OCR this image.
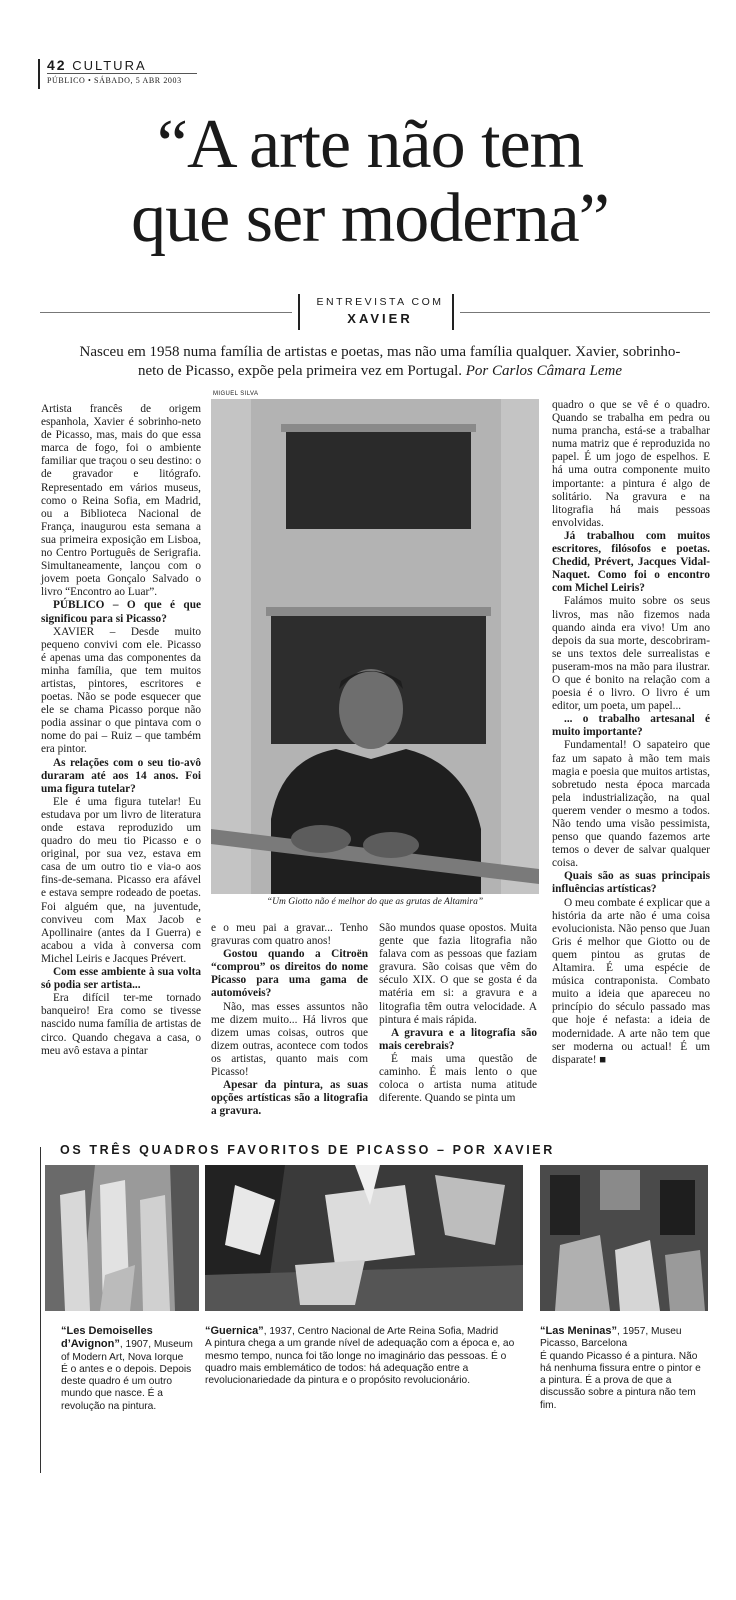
42 CULTURA
PÚBLICO • SÁBADO, 5 ABR 2003
“A arte não tem
que ser moderna”
ENTREVISTA COM
XAVIER
Nasceu em 1958 numa família de artistas e poetas, mas não uma família qualquer. Xavier, sobrinho-neto de Picasso, expõe pela primeira vez em Portugal. Por Carlos Câmara Leme

Artista francês de origem espanhola, Xavier é sobrinho-neto de Picasso, mas, mais do que essa marca de fogo, foi o ambiente familiar que traçou o seu destino: o de gravador e litógrafo. Representado em vários museus, como o Reina Sofia, em Madrid, ou a Biblioteca Nacional de França, inaugurou esta semana a sua primeira exposição em Lisboa, no Centro Português de Serigrafia. Simultaneamente, lançou com o jovem poeta Gonçalo Salvado o livro “Encontro ao Luar”.

PÚBLICO – O que é que significou para si Picasso?

XAVIER – Desde muito pequeno convivi com ele. Picasso é apenas uma das componentes da minha família, que tem muitos artistas, pintores, escritores e poetas. Não se pode esquecer que ele se chama Picasso porque não podia assinar o que pintava com o nome do pai – Ruiz – que também era pintor.

As relações com o seu tio-avô duraram até aos 14 anos. Foi uma figura tutelar?

Ele é uma figura tutelar! Eu estudava por um livro de literatura onde estava reproduzido um quadro do meu tio Picasso e o original, por sua vez, estava em casa de um outro tio e via-o aos fins-de-semana. Picasso era afável e estava sempre rodeado de poetas. Foi alguém que, na juventude, conviveu com Max Jacob e Apollinaire (antes da I Guerra) e acabou a vida à conversa com Michel Leiris e Jacques Prévert.

Com esse ambiente à sua volta só podia ser artista...

Era difícil ter-me tornado banqueiro! Era como se tivesse nascido numa família de artistas de circo. Quando chegava a casa, o meu avô estava a pintar

MIGUEL SILVA
“Um Giotto não é melhor do que as grutas de Altamira”

e o meu pai a gravar... Tenho gravuras com quatro anos!

Gostou quando a Citroën “comprou” os direitos do nome Picasso para uma gama de automóveis?

Não, mas esses assuntos não me dizem muito... Há livros que dizem umas coisas, outros que dizem outras, acontece com todos os artistas, quanto mais com Picasso!

Apesar da pintura, as suas opções artísticas são a litografia a gravura.

São mundos quase opostos. Muita gente que fazia litografia não falava com as pessoas que faziam gravura. São coisas que vêm do século XIX. O que se gosta é da matéria em si: a gravura e a litografia têm outra velocidade. A pintura é mais rápida.

A gravura e a litografia são mais cerebrais?

É mais uma questão de caminho. É mais lento o que coloca o artista numa atitude diferente. Quando se pinta um

quadro o que se vê é o quadro. Quando se trabalha em pedra ou numa prancha, está-se a trabalhar numa matriz que é reproduzida no papel. É um jogo de espelhos. E há uma outra componente muito importante: a pintura é algo de solitário. Na gravura e na litografia há mais pessoas envolvidas.

Já trabalhou com muitos escritores, filósofos e poetas. Chedid, Prévert, Jacques Vidal-Naquet. Como foi o encontro com Michel Leiris?

Falámos muito sobre os seus livros, mas não fizemos nada quando ainda era vivo! Um ano depois da sua morte, descobriram-se uns textos dele surrealistas e puseram-mos na mão para ilustrar. O que é bonito na relação com a poesia é o livro. O livro é um editor, um poeta, um papel...

... o trabalho artesanal é muito importante?

Fundamental! O sapateiro que faz um sapato à mão tem mais magia e poesia que muitos artistas, sobretudo nesta época marcada pela industrialização, na qual querem vender o mesmo a todos. Não tendo uma visão pessimista, penso que quando fazemos arte temos o dever de salvar qualquer coisa.

Quais são as suas principais influências artísticas?

O meu combate é explicar que a história da arte não é uma coisa evolucionista. Não penso que Juan Gris é melhor que Giotto ou de quem pintou as grutas de Altamira. É uma espécie de música contraponista. Combato muito a ideia que apareceu no princípio do século passado mas que hoje é nefasta: a ideia de modernidade. A arte não tem que ser moderna ou actual! É um disparate! ■

OS TRÊS QUADROS FAVORITOS DE PICASSO – POR XAVIER
“Les Demoiselles d’Avignon”, 1907, Museum of Modern Art, Nova Iorque
É o antes e o depois. Depois deste quadro é um outro mundo que nasce. É a revolução na pintura.
“Guernica”, 1937, Centro Nacional de Arte Reina Sofia, Madrid
A pintura chega a um grande nível de adequação com a época e, ao mesmo tempo, nunca foi tão longe no imaginário das pessoas. É o quadro mais emblemático de todos: há adequação entre a revolucionariedade da pintura e o propósito revolucionário.
“Las Meninas”, 1957, Museu Picasso, Barcelona
É quando Picasso é a pintura. Não há nenhuma fissura entre o pintor e a pintura. É a prova de que a discussão sobre a pintura não tem fim.
